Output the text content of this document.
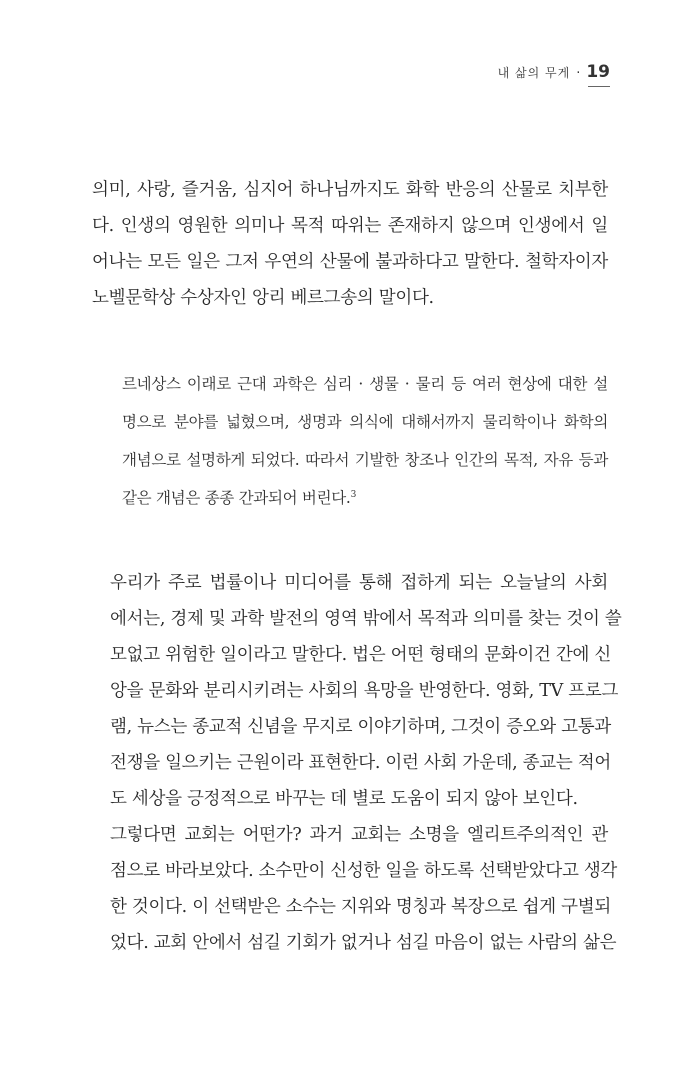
내 삶의 무게 · 19
의미, 사랑, 즐거움, 심지어 하나님까지도 화학 반응의 산물로 치부한
다. 인생의 영원한 의미나 목적 따위는 존재하지 않으며 인생에서 일
어나는 모든 일은 그저 우연의 산물에 불과하다고 말한다. 철학자이자
노벨문학상 수상자인 앙리 베르그송의 말이다.
르네상스 이래로 근대 과학은 심리 · 생물 · 물리 등 여러 현상에 대한 설
명으로 분야를 넓혔으며, 생명과 의식에 대해서까지 물리학이나 화학의
개념으로 설명하게 되었다. 따라서 기발한 창조나 인간의 목적, 자유 등과
같은 개념은 종종 간과되어 버린다.$^3$
우리가 주로 법률이나 미디어를 통해 접하게 되는 오늘날의 사회
에서는, 경제 및 과학 발전의 영역 밖에서 목적과 의미를 찾는 것이 쓸
모없고 위험한 일이라고 말한다. 법은 어떤 형태의 문화이건 간에 신
앙을 문화와 분리시키려는 사회의 욕망을 반영한다. 영화, TV 프로그
램, 뉴스는 종교적 신념을 무지로 이야기하며, 그것이 증오와 고통과
전쟁을 일으키는 근원이라 표현한다. 이런 사회 가운데, 종교는 적어
도 세상을 긍정적으로 바꾸는 데 별로 도움이 되지 않아 보인다.
그렇다면 교회는 어떤가? 과거 교회는 소명을 엘리트주의적인 관
점으로 바라보았다. 소수만이 신성한 일을 하도록 선택받았다고 생각
한 것이다. 이 선택받은 소수는 지위와 명칭과 복장으로 쉽게 구별되
었다. 교회 안에서 섬길 기회가 없거나 섬길 마음이 없는 사람의 삶은
